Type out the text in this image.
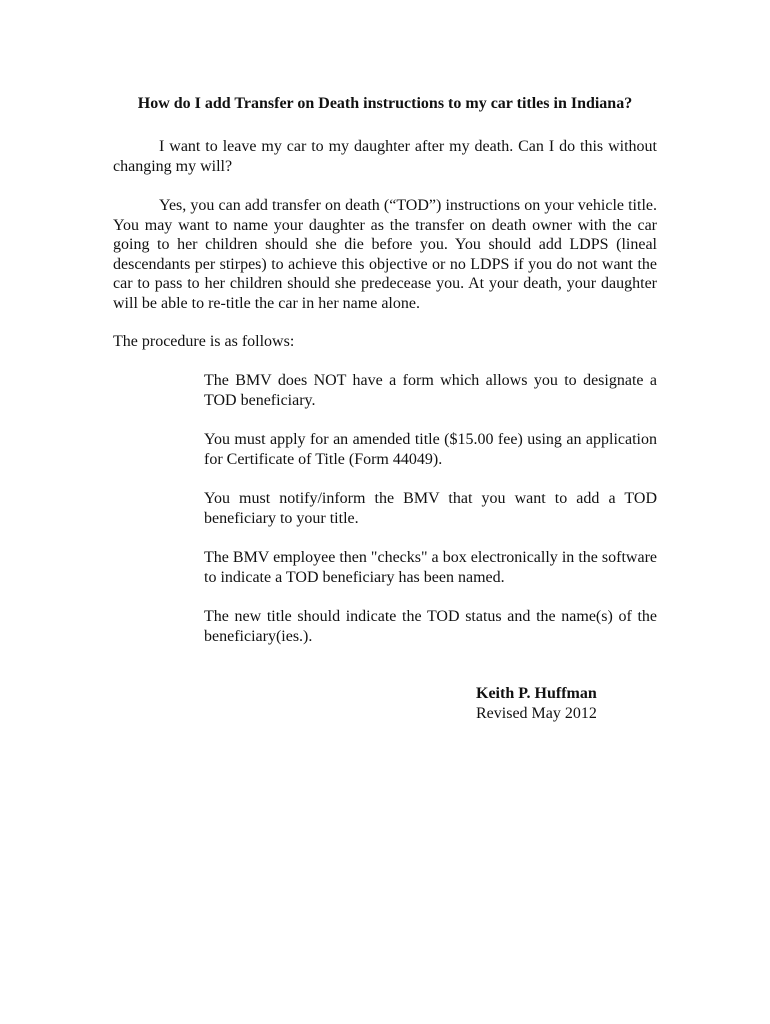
How do I add Transfer on Death instructions to my car titles in Indiana?

I want to leave my car to my daughter after my death. Can I do this without changing my will?

Yes, you can add transfer on death (“TOD”) instructions on your vehicle title. You may want to name your daughter as the transfer on death owner with the car going to her children should she die before you. You should add LDPS (lineal descendants per stirpes) to achieve this objective or no LDPS if you do not want the car to pass to her children should she predecease you. At your death, your daughter will be able to re-title the car in her name alone.

The procedure is as follows:

The BMV does NOT have a form which allows you to designate a TOD beneficiary.

You must apply for an amended title ($15.00 fee) using an application for Certificate of Title (Form 44049).

You must notify/inform the BMV that you want to add a TOD beneficiary to your title.

The BMV employee then "checks" a box electronically in the software to indicate a TOD beneficiary has been named.

The new title should indicate the TOD status and the name(s) of the beneficiary(ies.).

Keith P. Huffman
Revised May 2012
